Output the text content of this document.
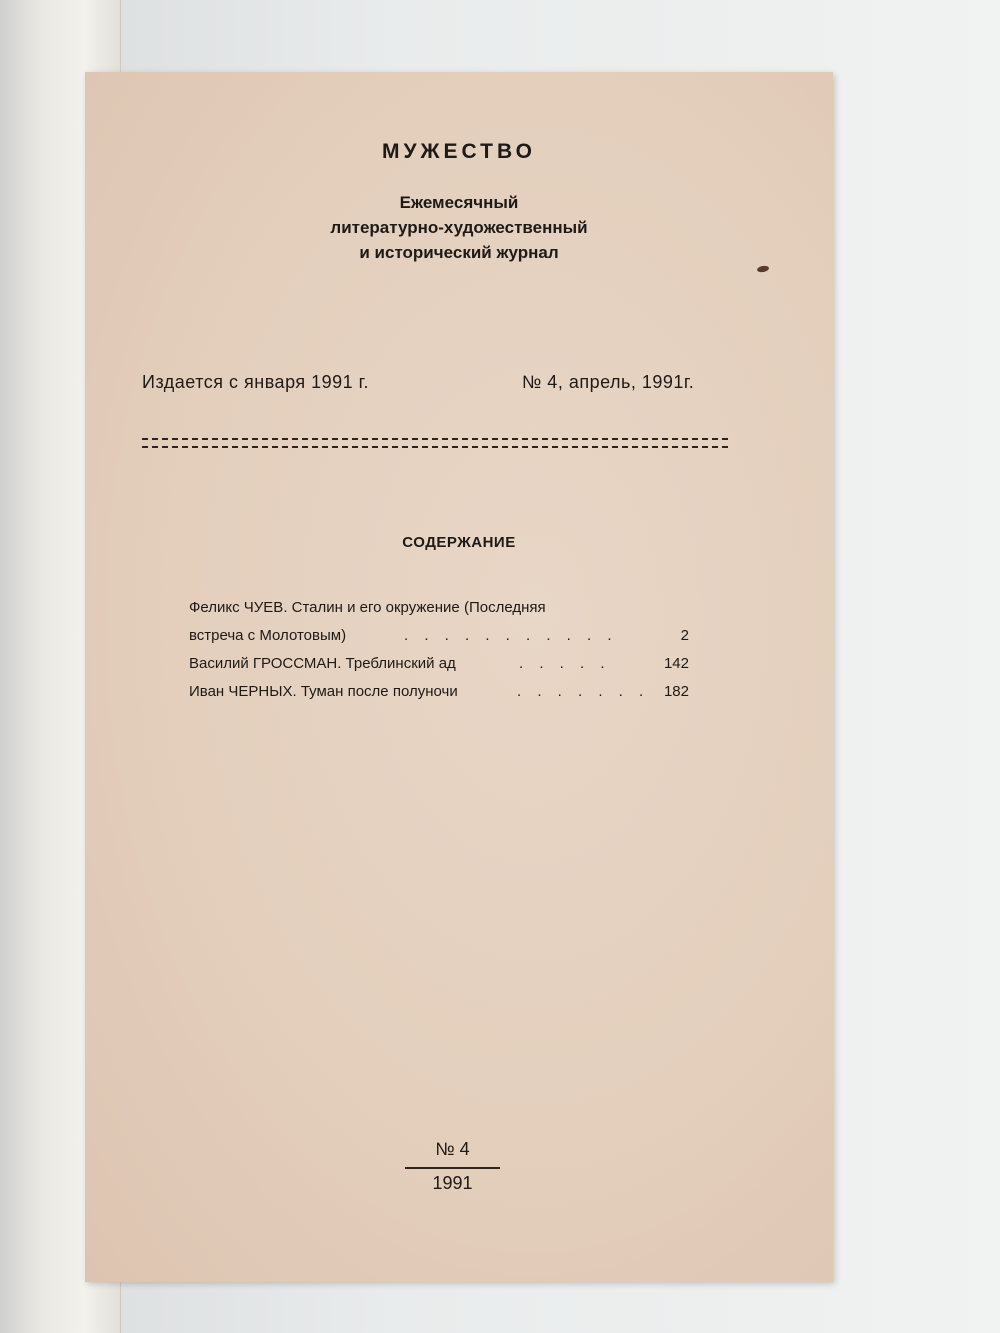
МУЖЕСТВО
Ежемесячный
литературно-художественный
и исторический журнал
Издается с января 1991 г.	№ 4, апрель, 1991г.
СОДЕРЖАНИЕ
Феликс ЧУЕВ. Сталин и его окружение (Последняя
встреча с Молотовым)	. . . . . . . . . . .	2
Василий ГРОССМАН. Треблинский ад	. . . . .	142
Иван ЧЕРНЫХ. Туман после полуночи	. . . . . . . 182
№ 4
1991
